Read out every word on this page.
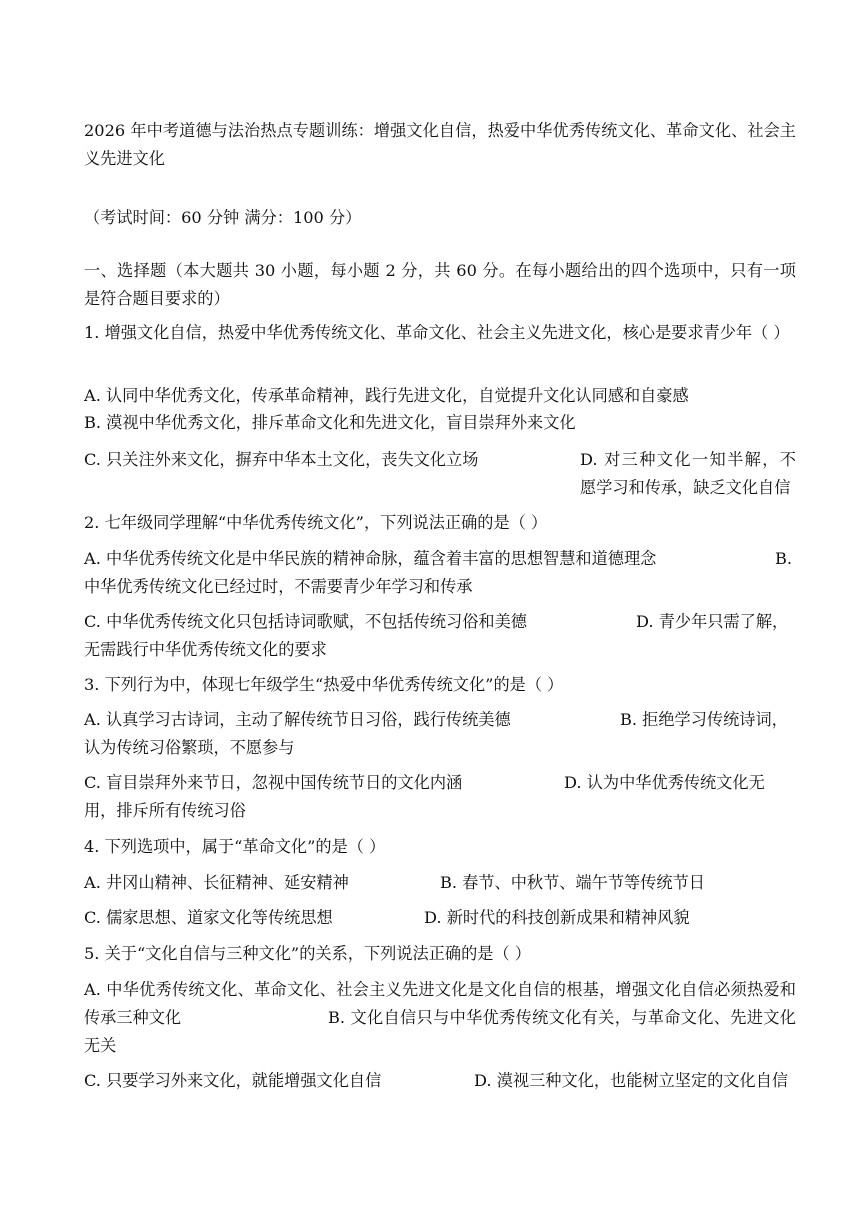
2026 年中考道德与法治热点专题训练：增强文化自信，热爱中华优秀传统文化、革命文化、社会主义先进文化

（考试时间：60 分钟 满分：100 分）

一、选择题（本大题共 30 小题，每小题 2 分，共 60 分。在每小题给出的四个选项中，只有一项是符合题目要求的）

1. 增强文化自信，热爱中华优秀传统文化、革命文化、社会主义先进文化，核心是要求青少年（ ）

A. 认同中华优秀文化，传承革命精神，践行先进文化，自觉提升文化认同感和自豪感

B. 漠视中华优秀文化，排斥革命文化和先进文化，盲目崇拜外来文化

C. 只关注外来文化，摒弃中华本土文化，丧失文化立场	D. 对三种文化一知半解，不愿学习和传承，缺乏文化自信

2. 七年级同学理解“中华优秀传统文化”，下列说法正确的是（ ）

A. 中华优秀传统文化是中华民族的精神命脉，蕴含着丰富的思想智慧和道德理念	B. 中华优秀传统文化已经过时，不需要青少年学习和传承

C. 中华优秀传统文化只包括诗词歌赋，不包括传统习俗和美德	D. 青少年只需了解，无需践行中华优秀传统文化的要求

3. 下列行为中，体现七年级学生“热爱中华优秀传统文化”的是（ ）

A. 认真学习古诗词，主动了解传统节日习俗，践行传统美德	B. 拒绝学习传统诗词，认为传统习俗繁琐，不愿参与

C. 盲目崇拜外来节日，忽视中国传统节日的文化内涵	D. 认为中华优秀传统文化无用，排斥所有传统习俗

4. 下列选项中，属于“革命文化”的是（ ）

A. 井冈山精神、长征精神、延安精神	B. 春节、中秋节、端午节等传统节日
C. 儒家思想、道家文化等传统思想	D. 新时代的科技创新成果和精神风貌

5. 关于“文化自信与三种文化”的关系，下列说法正确的是（ ）

A. 中华优秀传统文化、革命文化、社会主义先进文化是文化自信的根基，增强文化自信必须热爱和传承三种文化	B. 文化自信只与中华优秀传统文化有关，与革命文化、先进文化无关

C. 只要学习外来文化，就能增强文化自信	D. 漠视三种文化，也能树立坚定的文化自信
